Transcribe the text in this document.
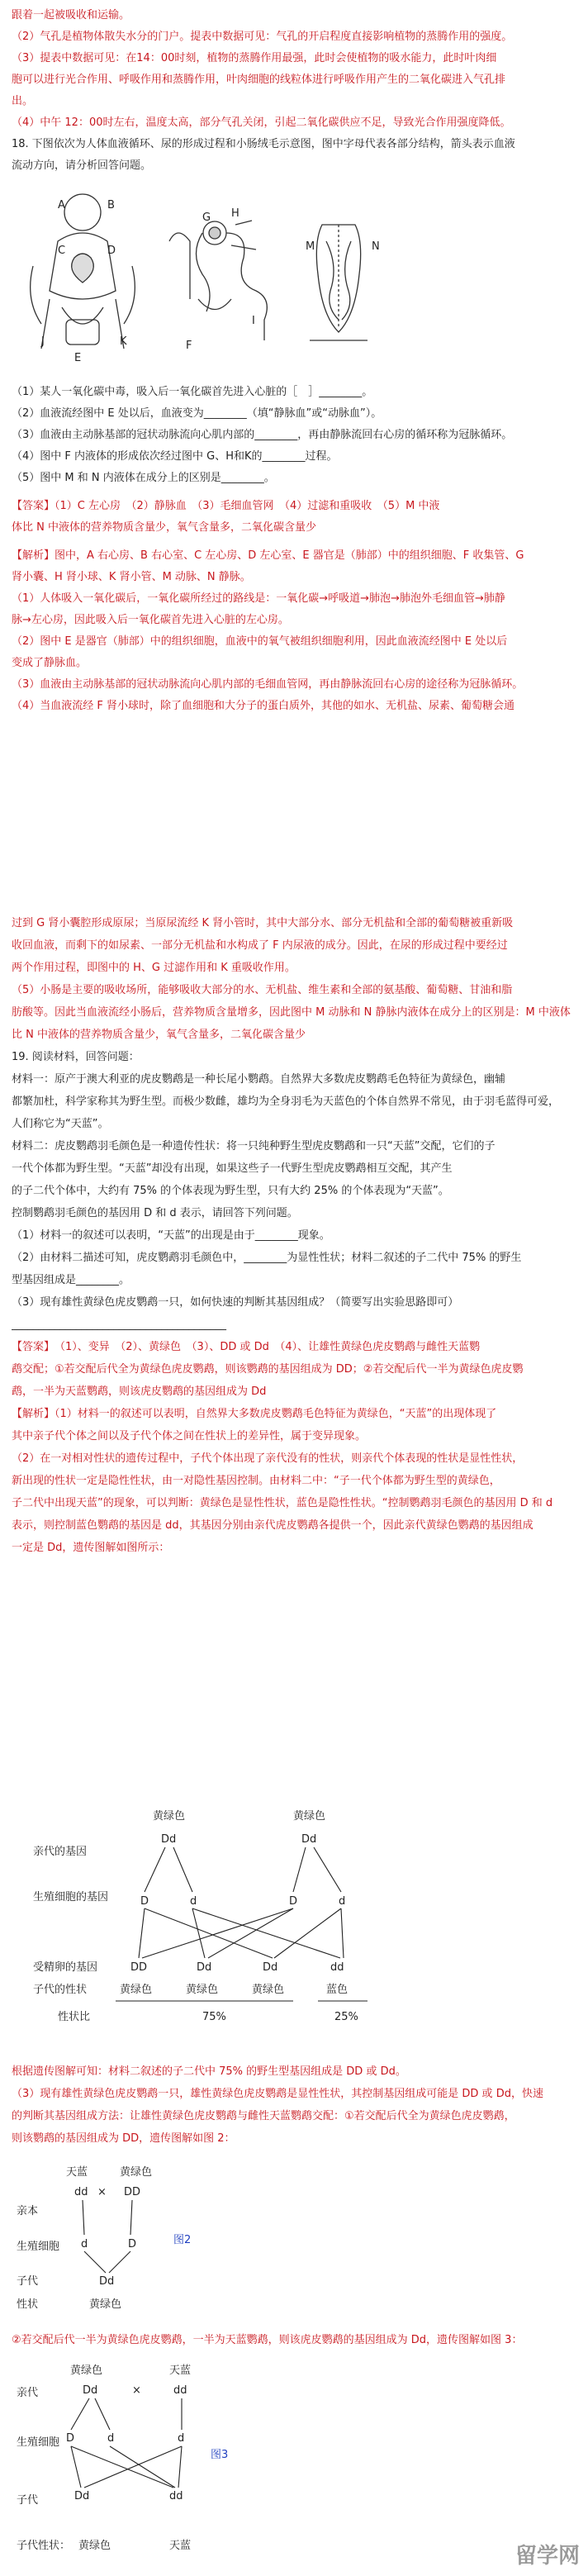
跟着一起被吸收和运输。
（2）气孔是植物体散失水分的门户。提表中数据可见：气孔的开启程度直接影响植物的蒸腾作用的强度。
（3）提表中数据可见：在14：00时刻，植物的蒸腾作用最强，此时会使植物的吸水能力，此时叶肉细
胞可以进行光合作用、呼吸作用和蒸腾作用，叶肉细胞的线粒体进行呼吸作用产生的二氧化碳进入气孔排
出。
（4）中午 12：00时左右，温度太高，部分气孔关闭，引起二氧化碳供应不足，导致光合作用强度降低。
18. 下图依次为人体血液循环、尿的形成过程和小肠绒毛示意图，图中字母代表各部分结构，箭头表示血液
流动方向，请分析回答问题。
A	B
C	D
E
F
G H
I
J	K
M	N
（1）某人一氧化碳中毒，吸入后一氧化碳首先进入心脏的［　］________。
（2）血液流经图中 E 处以后，血液变为________（填“静脉血”或“动脉血”）。
（3）血液由主动脉基部的冠状动脉流向心肌内部的________，再由静脉流回右心房的循环称为冠脉循环。
（4）图中 F 内液体的形成依次经过图中 G、H和K的________过程。
（5）图中 M 和 N 内液体在成分上的区别是________。
【答案】（1）C 左心房　（2）静脉血　（3）毛细血管网　（4）过滤和重吸收　（5）M 中液
体比 N 中液体的营养物质含量少，氧气含量多，二氧化碳含量少
【解析】图中，A 右心房、B 右心室、C 左心房、D 左心室、E 器官是（肺部）中的组织细胞、F 收集管、G
肾小囊、H 肾小球、K 肾小管、M 动脉、N 静脉。
（1）人体吸入一氧化碳后，一氧化碳所经过的路线是：一氧化碳→呼吸道→肺泡→肺泡外毛细血管→肺静
脉→左心房，因此吸入后一氧化碳首先进入心脏的左心房。
（2）图中 E 是器官（肺部）中的组织细胞，血液中的氧气被组织细胞利用，因此血液流经图中 E 处以后
变成了静脉血。
（3）血液由主动脉基部的冠状动脉流向心肌内部的毛细血管网，再由静脉流回右心房的途径称为冠脉循环。
（4）当血液流经 F 肾小球时，除了血细胞和大分子的蛋白质外，其他的如水、无机盐、尿素、葡萄糖会通
过到 G 肾小囊腔形成原尿；当原尿流经 K 肾小管时，其中大部分水、部分无机盐和全部的葡萄糖被重新吸
收回血液，而剩下的如尿素、一部分无机盐和水构成了 F 内尿液的成分。因此，在尿的形成过程中要经过
两个作用过程，即图中的 H、G 过滤作用和 K 重吸收作用。
（5）小肠是主要的吸收场所，能够吸收大部分的水、无机盐、维生素和全部的氨基酸、葡萄糖、甘油和脂
肪酸等。因此当血液流经小肠后，营养物质含量增多，因此图中 M 动脉和 N 静脉内液体在成分上的区别是：M 中液体
比 N 中液体的营养物质含量少，氧气含量多，二氧化碳含量少
19. 阅读材料，回答问题：
材料一：原产于澳大利亚的虎皮鹦鹉是一种长尾小鹦鹉。自然界大多数虎皮鹦鹉毛色特征为黄绿色，幽辅
都繁加杜，科学家称其为野生型。而极少数雌，雄均为全身羽毛为天蓝色的个体自然界不常见，由于羽毛蓝得可爱，
人们称它为“天蓝”。
材料二：虎皮鹦鹉羽毛颜色是一种遗传性状：将一只纯种野生型虎皮鹦鹉和一只“天蓝”交配，它们的子
一代个体都为野生型。“天蓝”却没有出现，如果这些子一代野生型虎皮鹦鹉相互交配，其产生
的子二代个体中，大约有 75% 的个体表现为野生型，只有大约 25% 的个体表现为“天蓝”。
控制鹦鹉羽毛颜色的基因用 D 和 d 表示，请回答下列问题。
（1）材料一的叙述可以表明，“天蓝”的出现是由于________现象。
（2）由材料二描述可知，虎皮鹦鹉羽毛颜色中，________为显性性状；材料二叙述的子二代中 75% 的野生
型基因组成是________。
（3）现有雄性黄绿色虎皮鹦鹉一只，如何快速的判断其基因组成？（简要写出实验思路即可）
________________________________________
【答案】　（1）、变异　（2）、黄绿色　（3）、DD 或 Dd　（4）、让雄性黄绿色虎皮鹦鹉与雌性天蓝鹦
鹉交配；①若交配后代全为黄绿色虎皮鹦鹉，则该鹦鹉的基因组成为 DD；②若交配后代一半为黄绿色虎皮鹦
鹉，一半为天蓝鹦鹉，则该虎皮鹦鹉的基因组成为 Dd
【解析】（1）材料一的叙述可以表明，自然界大多数虎皮鹦鹉毛色特征为黄绿色，“天蓝”的出现体现了
其中亲子代个体之间以及子代个体之间在性状上的差异性，属于变异现象。
（2）在一对相对性状的遗传过程中，子代个体出现了亲代没有的性状，则亲代个体表现的性状是显性性状，
新出现的性状一定是隐性性状，由一对隐性基因控制。由材料二中：“子一代个体都为野生型的黄绿色，
子二代中出现天蓝”的现象，可以判断：黄绿色是显性性状，蓝色是隐性性状。“控制鹦鹉羽毛颜色的基因用 D 和 d
表示，则控制蓝色鹦鹉的基因是 dd，其基因分别由亲代虎皮鹦鹉各提供一个，因此亲代黄绿色鹦鹉的基因组成
一定是 Dd，遗传图解如图所示：
黄绿色	黄绿色
亲代的基因
Dd	Dd
生殖细胞的基因	D	d	D	d
受精卵的基因	DD	Dd	Dd	dd
子代的性状	黄绿色	黄绿色	黄绿色	蓝色
性状比	75%	25%
根据遗传图解可知：材料二叙述的子二代中 75% 的野生型基因组成是 DD 或 Dd。
（3）现有雄性黄绿色虎皮鹦鹉一只，雄性黄绿色虎皮鹦鹉是显性性状，其控制基因组成可能是 DD 或 Dd，快速
的判断其基因组成方法：让雄性黄绿色虎皮鹦鹉与雌性天蓝鹦鹉交配：①若交配后代全为黄绿色虎皮鹦鹉，
则该鹦鹉的基因组成为 DD，遗传图解如图 2：
天蓝	黄绿色
dd × DD
亲本
生殖细胞 d	D
子代	Dd
性状	黄绿色
图2
②若交配后代一半为黄绿色虎皮鹦鹉，一半为天蓝鹦鹉，则该虎皮鹦鹉的基因组成为 Dd，遗传图解如图 3：
黄绿色	天蓝
亲代	Dd	×	dd
生殖细胞 D	d	d
子代	Dd	dd
子代性状： 黄绿色	天蓝
图3
留学网
